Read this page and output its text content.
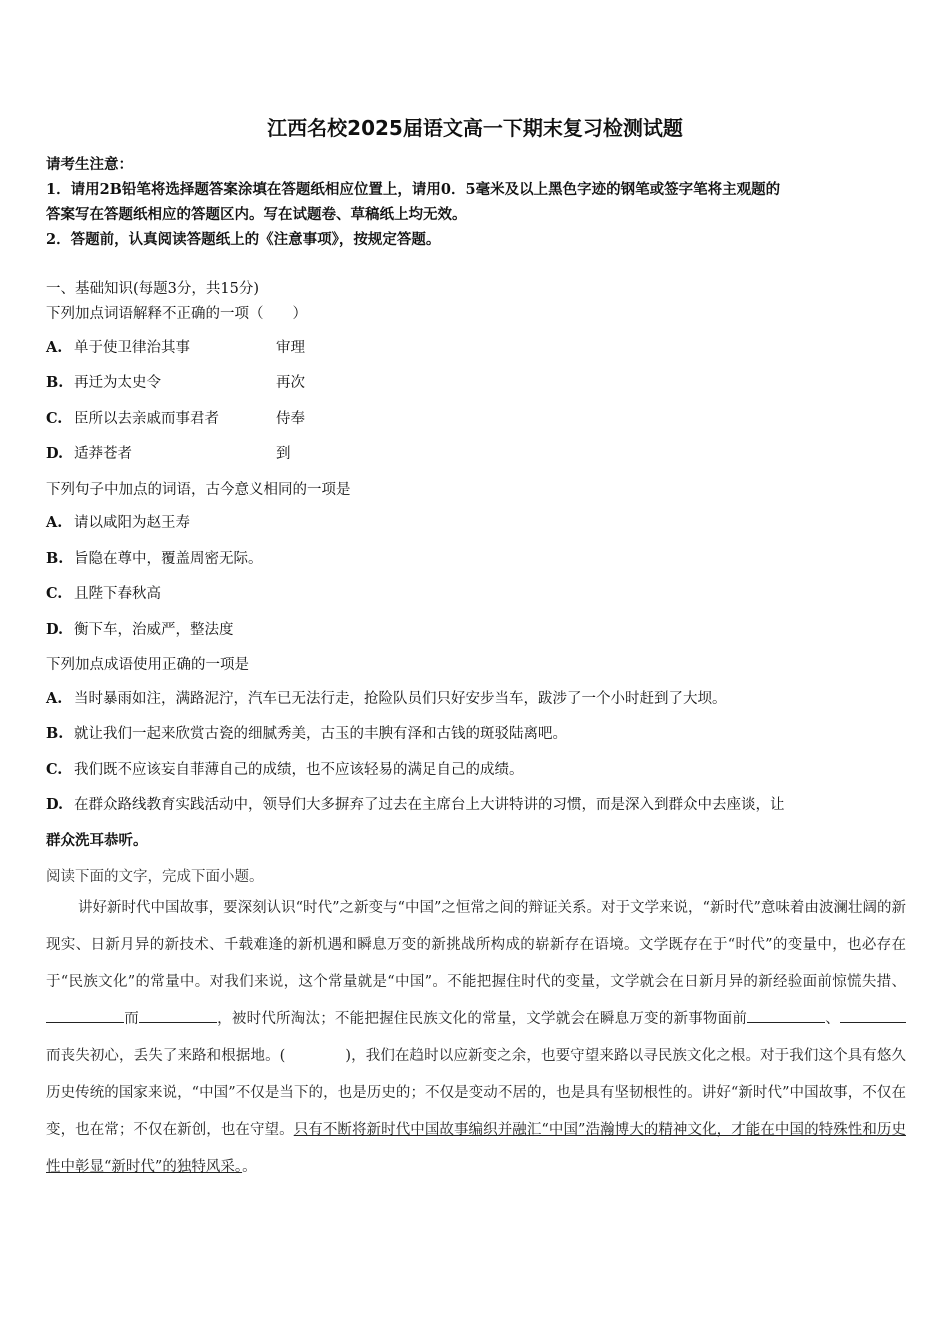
江西名校2025届语文高一下期末复习检测试题
请考生注意：
1．请用2B铅笔将选择题答案涂填在答题纸相应位置上，请用0．5毫米及以上黑色字迹的钢笔或签字笔将主观题的
答案写在答题纸相应的答题区内。写在试题卷、草稿纸上均无效。
2．答题前，认真阅读答题纸上的《注意事项》，按规定答题。
一、基础知识(每题3分，共15分)
下列加点词语解释不正确的一项（　　）
A. 单于使卫律治其事	审理
B. 再迁为太史令	再次
C. 臣所以去亲戚而事君者	侍奉
D. 适莽苍者	到
下列句子中加点的词语，古今意义相同的一项是
A. 请以咸阳为赵王寿
B. 旨隐在尊中，覆盖周密无际。
C. 且陛下春秋高
D. 衡下车，治威严，整法度
下列加点成语使用正确的一项是
A. 当时暴雨如注，满路泥泞，汽车已无法行走，抢险队员们只好安步当车，跋涉了一个小时赶到了大坝。
B. 就让我们一起来欣赏古瓷的细腻秀美，古玉的丰腴有泽和古钱的斑驳陆离吧。
C. 我们既不应该妄自菲薄自己的成绩，也不应该轻易的满足自己的成绩。
D. 在群众路线教育实践活动中，领导们大多摒弃了过去在主席台上大讲特讲的习惯，而是深入到群众中去座谈，让
群众洗耳恭听。
阅读下面的文字，完成下面小题。
讲好新时代中国故事，要深刻认识“时代”之新变与“中国”之恒常之间的辩证关系。对于文学来说，“新时代”意味着由波澜壮阔的新现实、日新月异的新技术、千载难逢的新机遇和瞬息万变的新挑战所构成的崭新存在语境。文学既存在于“时代”的变量中，也必存在于“民族文化”的常量中。对我们来说，这个常量就是“中国”。不能把握住时代的变量，文学就会在日新月异的新经验面前惊慌失措、而	，被时代所淘汰；不能把握住民族文化的常量，文学就会在瞬息万变的新事物面前	、而丧失初心，丢失了来路和根据地。(	)，我们在趋时以应新变之余，也要守望来路以寻民族文化之根。对于我们这个具有悠久历史传统的国家来说，“中国”不仅是当下的，也是历史的；不仅是变动不居的，也是具有坚韧根性的。讲好“新时代”中国故事，不仅在变，也在常；不仅在新创，也在守望。只有不断将新时代中国故事编织并融汇“中国”浩瀚博大的精神文化，才能在中国的特殊性和历史性中彰显“新时代”的独特风采。。
